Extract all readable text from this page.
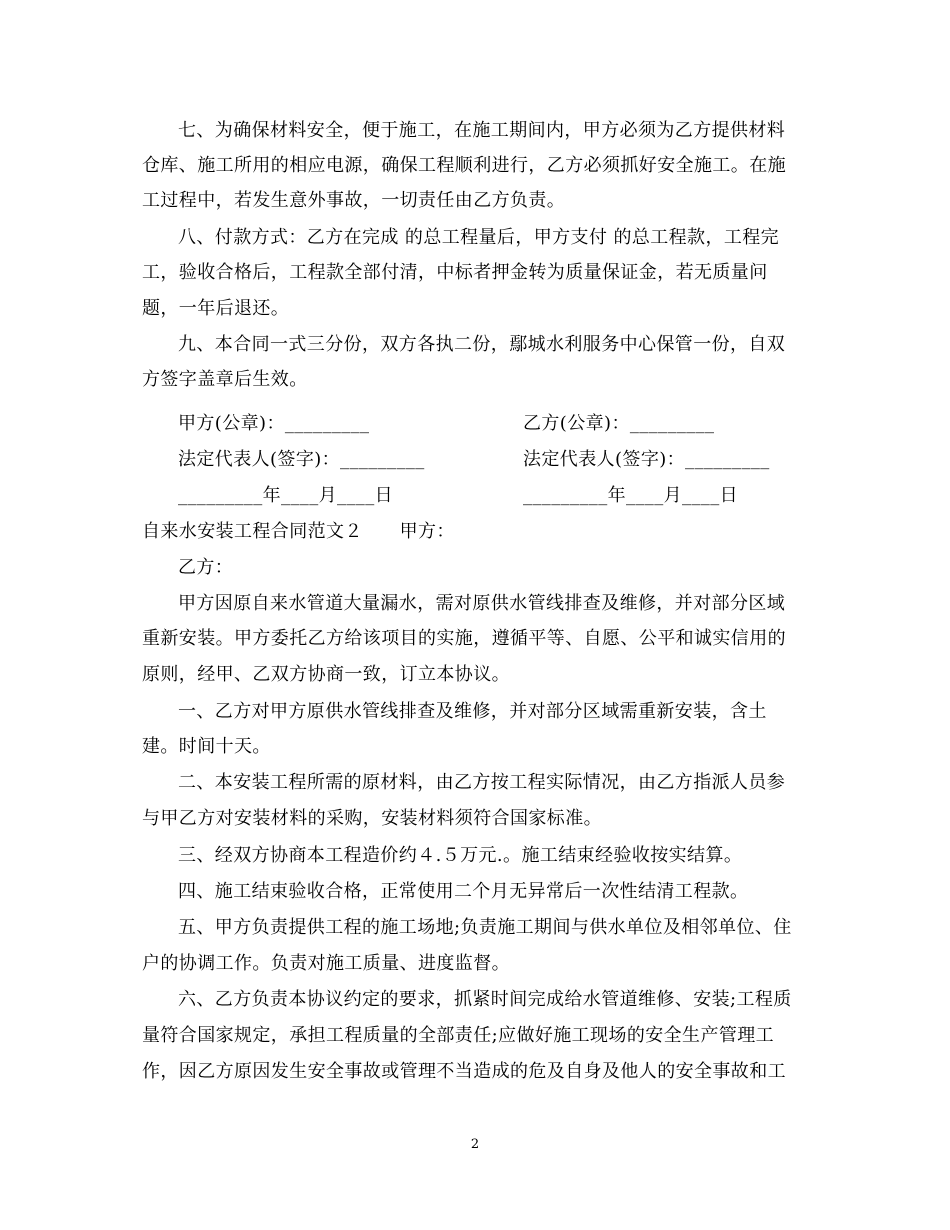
七、为确保材料安全，便于施工，在施工期间内，甲方必须为乙方提供材料
仓库、施工所用的相应电源，确保工程顺利进行，乙方必须抓好安全施工。在施
工过程中，若发生意外事故，一切责任由乙方负责。
八、付款方式：乙方在完成 的总工程量后，甲方支付 的总工程款，工程完
工，验收合格后，工程款全部付清，中标者押金转为质量保证金，若无质量问
题，一年后退还。
九、本合同一式三分份，双方各执二份，鄢城水利服务中心保管一份，自双
方签字盖章后生效。
甲方(公章)：_________	乙方(公章)：_________
法定代表人(签字)：_________	法定代表人(签字)：_________
_________年____月____日	_________年____月____日
自来水安装工程合同范文２　　甲方：
乙方：
甲方因原自来水管道大量漏水，需对原供水管线排查及维修，并对部分区域
重新安装。甲方委托乙方给该项目的实施，遵循平等、自愿、公平和诚实信用的
原则，经甲、乙双方协商一致，订立本协议。
一、乙方对甲方原供水管线排查及维修，并对部分区域需重新安装，含土
建。时间十天。
二、本安装工程所需的原材料，由乙方按工程实际情况，由乙方指派人员参
与甲乙方对安装材料的采购，安装材料须符合国家标准。
三、经双方协商本工程造价约４.５万元.。施工结束经验收按实结算。
四、施工结束验收合格，正常使用二个月无异常后一次性结清工程款。
五、甲方负责提供工程的施工场地;负责施工期间与供水单位及相邻单位、住
户的协调工作。负责对施工质量、进度监督。
六、乙方负责本协议约定的要求，抓紧时间完成给水管道维修、安装;工程质
量符合国家规定，承担工程质量的全部责任;应做好施工现场的安全生产管理工
作，因乙方原因发生安全事故或管理不当造成的危及自身及他人的安全事故和工
2
